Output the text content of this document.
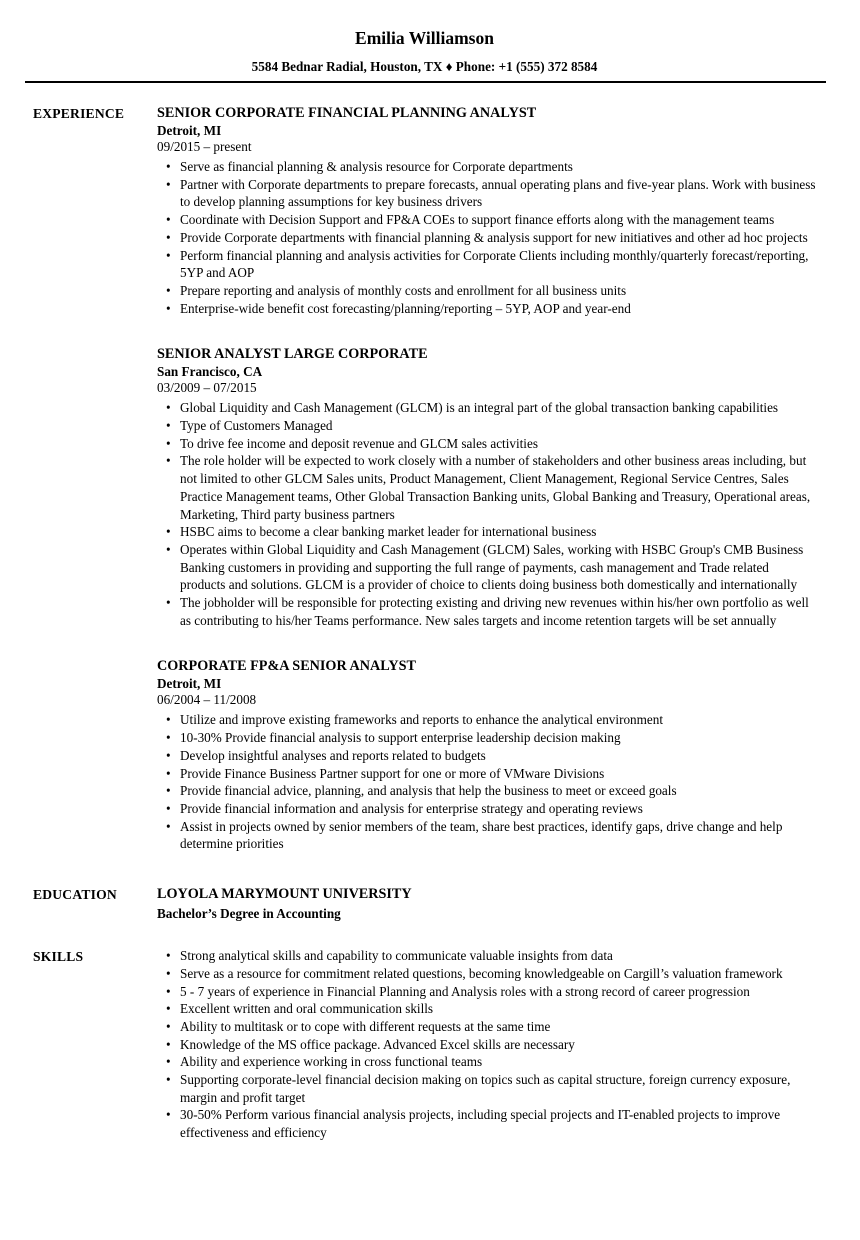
Emilia Williamson
5584 Bednar Radial, Houston, TX ♦ Phone: +1 (555) 372 8584
EXPERIENCE	SENIOR CORPORATE FINANCIAL PLANNING ANALYST
Detroit, MI
09/2015 – present
• Serve as financial planning & analysis resource for Corporate departments
• Partner with Corporate departments to prepare forecasts, annual operating plans and five-year plans. Work with business to develop planning assumptions for key business drivers
• Coordinate with Decision Support and FP&A COEs to support finance efforts along with the management teams
• Provide Corporate departments with financial planning & analysis support for new initiatives and other ad hoc projects
• Perform financial planning and analysis activities for Corporate Clients including monthly/quarterly forecast/reporting, 5YP and AOP
• Prepare reporting and analysis of monthly costs and enrollment for all business units
• Enterprise-wide benefit cost forecasting/planning/reporting – 5YP, AOP and year-end
SENIOR ANALYST LARGE CORPORATE
San Francisco, CA
03/2009 – 07/2015
• Global Liquidity and Cash Management (GLCM) is an integral part of the global transaction banking capabilities
• Type of Customers Managed
• To drive fee income and deposit revenue and GLCM sales activities
• The role holder will be expected to work closely with a number of stakeholders and other business areas including, but not limited to other GLCM Sales units, Product Management, Client Management, Regional Service Centres, Sales Practice Management teams, Other Global Transaction Banking units, Global Banking and Treasury, Operational areas, Marketing, Third party business partners
• HSBC aims to become a clear banking market leader for international business
• Operates within Global Liquidity and Cash Management (GLCM) Sales, working with HSBC Group's CMB Business Banking customers in providing and supporting the full range of payments, cash management and Trade related products and solutions. GLCM is a provider of choice to clients doing business both domestically and internationally
• The jobholder will be responsible for protecting existing and driving new revenues within his/her own portfolio as well as contributing to his/her Teams performance. New sales targets and income retention targets will be set annually
CORPORATE FP&A SENIOR ANALYST
Detroit, MI
06/2004 – 11/2008
• Utilize and improve existing frameworks and reports to enhance the analytical environment
• 10-30% Provide financial analysis to support enterprise leadership decision making
• Develop insightful analyses and reports related to budgets
• Provide Finance Business Partner support for one or more of VMware Divisions
• Provide financial advice, planning, and analysis that help the business to meet or exceed goals
• Provide financial information and analysis for enterprise strategy and operating reviews
• Assist in projects owned by senior members of the team, share best practices, identify gaps, drive change and help determine priorities
EDUCATION	LOYOLA MARYMOUNT UNIVERSITY
Bachelor’s Degree in Accounting
SKILLS	• Strong analytical skills and capability to communicate valuable insights from data
• Serve as a resource for commitment related questions, becoming knowledgeable on Cargill’s valuation framework
• 5 - 7 years of experience in Financial Planning and Analysis roles with a strong record of career progression
• Excellent written and oral communication skills
• Ability to multitask or to cope with different requests at the same time
• Knowledge of the MS office package. Advanced Excel skills are necessary
• Ability and experience working in cross functional teams
• Supporting corporate-level financial decision making on topics such as capital structure, foreign currency exposure, margin and profit target
• 30-50% Perform various financial analysis projects, including special projects and IT-enabled projects to improve effectiveness and efficiency
